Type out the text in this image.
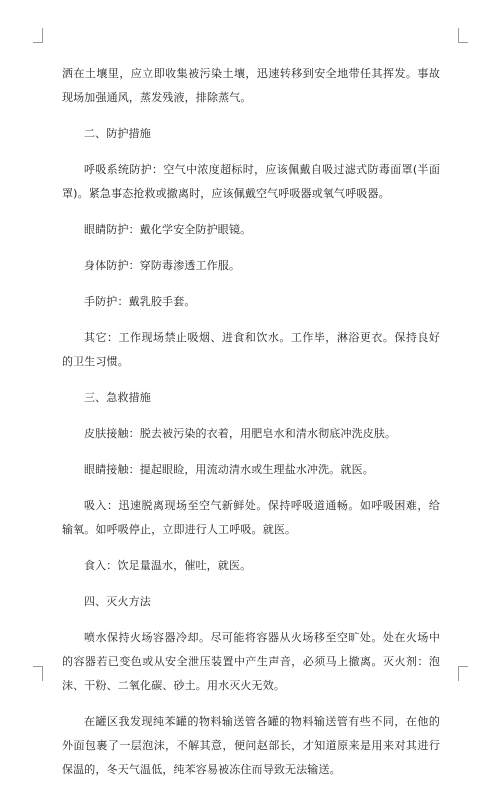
洒在土壤里，应立即收集被污染土壤，迅速转移到安全地带任其挥发。事故现场加强通风，蒸发残液，排除蒸气。

二、防护措施

呼吸系统防护：空气中浓度超标时，应该佩戴自吸过滤式防毒面罩(半面罩)。紧急事态抢救或撤离时，应该佩戴空气呼吸器或氧气呼吸器。

眼睛防护：戴化学安全防护眼镜。

身体防护：穿防毒渗透工作服。

手防护：戴乳胶手套。

其它：工作现场禁止吸烟、进食和饮水。工作毕，淋浴更衣。保持良好的卫生习惯。

三、急救措施

皮肤接触：脱去被污染的衣着，用肥皂水和清水彻底冲洗皮肤。

眼睛接触：提起眼睑，用流动清水或生理盐水冲洗。就医。

吸入：迅速脱离现场至空气新鲜处。保持呼吸道通畅。如呼吸困难，给输氧。如呼吸停止，立即进行人工呼吸。就医。

食入：饮足量温水，催吐，就医。

四、灭火方法

喷水保持火场容器冷却。尽可能将容器从火场移至空旷处。处在火场中的容器若已变色或从安全泄压装置中产生声音，必须马上撤离。灭火剂：泡沫、干粉、二氧化碳、砂土。用水灭火无效。

在罐区我发现纯苯罐的物料输送管各罐的物料输送管有些不同，在他的外面包裹了一层泡沫，不解其意，便问赵部长，才知道原来是用来对其进行保温的，冬天气温低，纯苯容易被冻住而导致无法输送。
